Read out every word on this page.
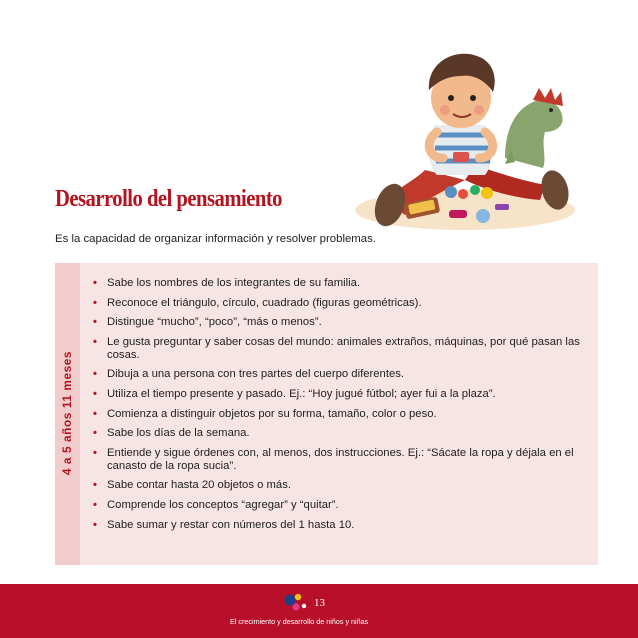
Desarrollo del pensamiento

Es la capacidad de organizar información y resolver problemas.

4 a 5 años 11 meses
• Sabe los nombres de los integrantes de su familia.
• Reconoce el triángulo, círculo, cuadrado (figuras geométricas).
• Distingue “mucho”, “poco”, “más o menos”.
• Le gusta preguntar y saber cosas del mundo: animales extraños, máquinas, por qué pasan las cosas.
• Dibuja a una persona con tres partes del cuerpo diferentes.
• Utiliza el tiempo presente y pasado. Ej.: “Hoy jugué fútbol; ayer fui a la plaza”.
• Comienza a distinguir objetos por su forma, tamaño, color o peso.
• Sabe los días de la semana.
• Entiende y sigue órdenes con, al menos, dos instrucciones. Ej.: “Sácate la ropa y déjala en el canasto de la ropa sucia”.
• Sabe contar hasta 20 objetos o más.
• Comprende los conceptos “agregar” y “quitar”.
• Sabe sumar y restar con números del 1 hasta 10.
13
El crecimiento y desarrollo de niños y niñas
